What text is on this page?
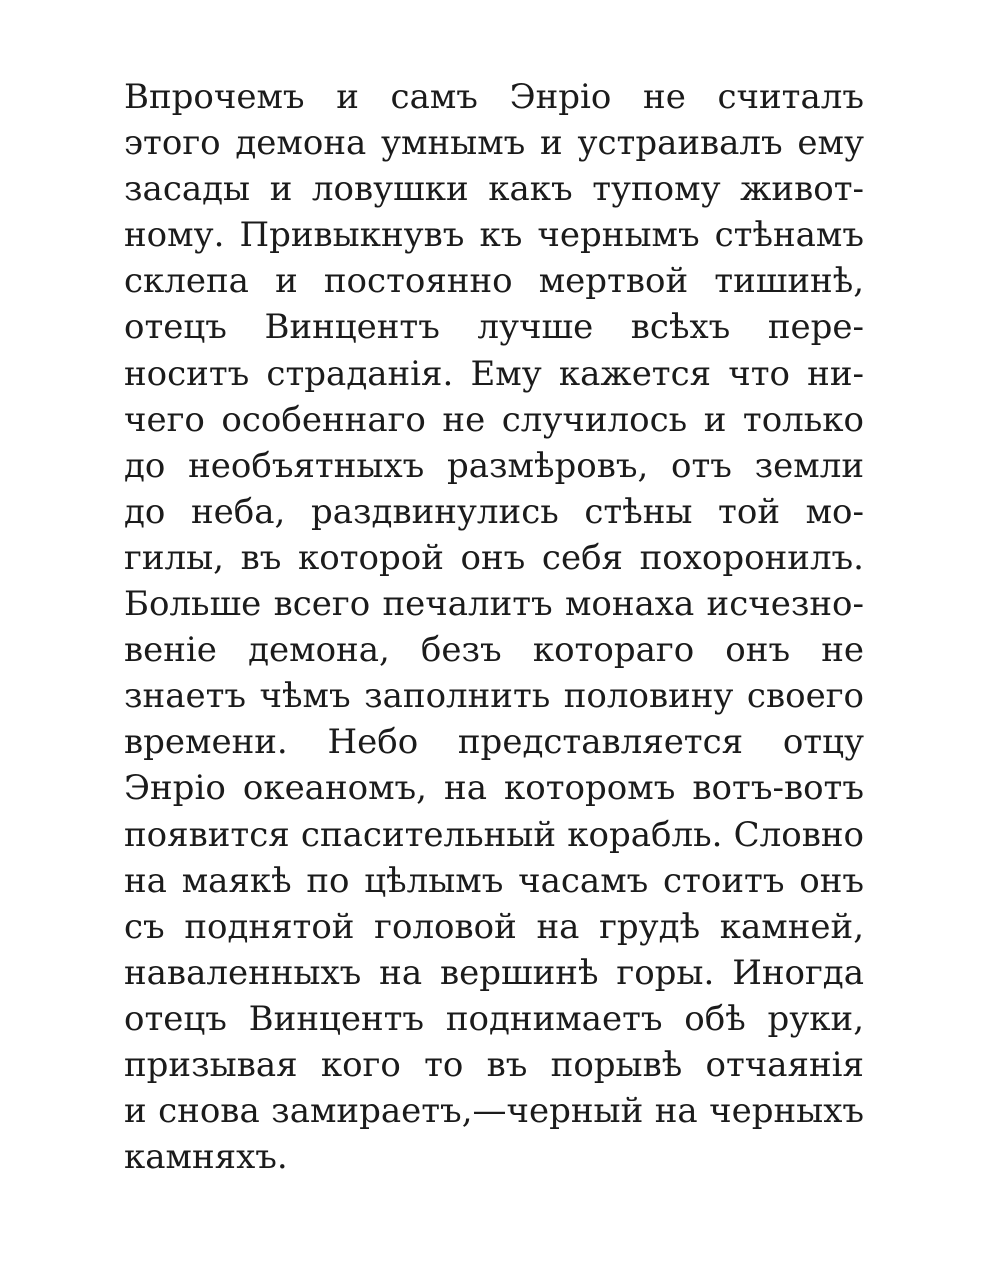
Впрочемъ и самъ Энріо не считалъ
этого демона умнымъ и устраивалъ ему
засады и ловушки какъ тупому живот-
ному. Привыкнувъ къ чернымъ стѣнамъ
склепа и постоянно мертвой тишинѣ,
отецъ Винцентъ лучше всѣхъ пере-
носитъ страданія. Ему кажется что ни-
чего особеннаго не случилось и только
до необъятныхъ размѣровъ, отъ земли
до неба, раздвинулись стѣны той мо-
гилы, въ которой онъ себя похоронилъ.
Больше всего печалитъ монаха исчезно-
веніе демона, безъ котораго онъ не
знаетъ чѣмъ заполнить половину своего
времени. Небо представляется отцу
Энріо океаномъ, на которомъ вотъ-вотъ
появится спасительный корабль. Словно
на маякѣ по цѣлымъ часамъ стоитъ онъ
съ поднятой головой на грудѣ камней,
наваленныхъ на вершинѣ горы. Иногда
отецъ Винцентъ поднимаетъ обѣ руки,
призывая кого то въ порывѣ отчаянія
и снова замираетъ,—черный на черныхъ
камняхъ.
